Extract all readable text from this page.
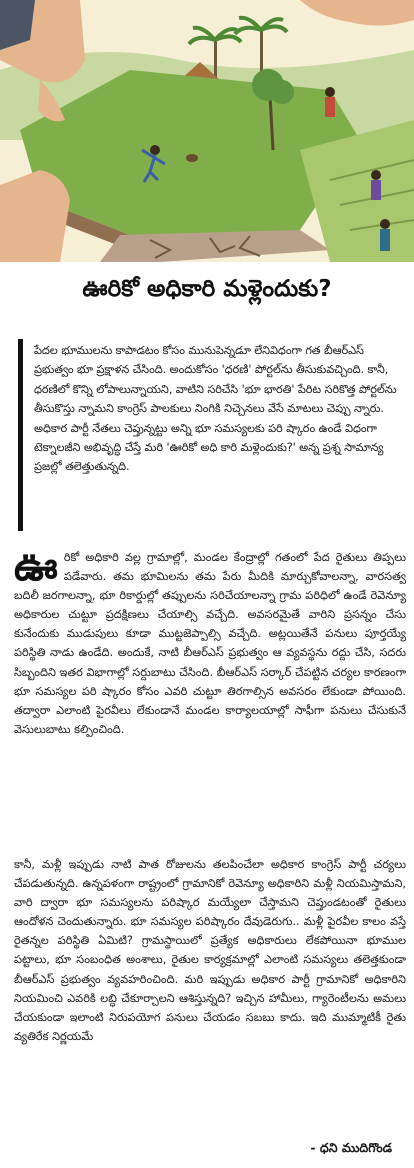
ఊరికో అధికారి మళ్లెందుకు?
పేదల భూములను కాపాడటం కోసం మునుపెన్నడూ లేనివిధంగా గత బీఆర్‌ఎస్‌ ప్రభుత్వం భూ ప్రక్షాళన చేసింది. అందుకోసం 'ధరణి' పోర్టల్‌ను తీసుకువచ్చింది. కానీ, ధరణిలో కొన్ని లోపాలున్నాయని, వాటిని సరిచేసి 'భూ భారతి' పేరిట సరికొత్త పోర్టల్‌ను తీసుకొస్తు న్నామని కాంగ్రెస్‌ పాలకులు నింగికి నిచ్చెనలు వేసే మాటలు చెప్పు న్నారు. అధికార పార్టీ నేతలు చెప్తున్నట్టు అన్ని భూ సమస్యలకు పరి ష్కారం ఉండే విధంగా టెక్నాలజీని అభివృద్ధి చేస్తే మరి 'ఊరికో అధి కారి మళ్లెందుకు?' అన్న ప్రశ్న సామాన్య ప్రజల్లో తలెత్తుతున్నది.
ఊరికో అధికారి వల్ల గ్రామాల్లో, మండల కేంద్రాల్లో గతంలో పేద రైతులు తిప్పలు పడేవారు. తమ భూమిలను తమ పేరు మీదికి మార్చుకోవాలన్నా, వారసత్వ బదిలీ జరగాలన్నా, భూ రికార్డుల్లో తప్పులను సరిచేయాలన్నా గ్రామ పరిధిలో ఉండే రెవెన్యూ అధికారుల చుట్టూ ప్రదక్షిణలు చేయాల్సి వచ్చేది. అవసరమైతే వారిని ప్రసన్నం చేసు కునేందుకు ముడుపులు కూడా ముట్టజెప్పాల్సి వచ్చేది. అట్లయితేనే పనులు పూర్తయ్యే పరిస్థితి నాడు ఉండేది. అందుకే, నాటి బీఆర్‌ఎస్‌ ప్రభుత్వం ఆ వ్యవస్థను రద్దు చేసి, సదరు సిబ్బందిని ఇతర విభాగాల్లో సర్దుబాటు చేసింది. బీఆర్‌ఎస్‌ సర్కార్‌ చేపట్టిన చర్యల కారణంగా భూ సమస్యల పరి ష్కారం కోసం ఎవరి చుట్టూ తిరగాల్సిన అవసరం లేకుండా పోయింది. తద్వారా ఎలాంటి పైరవీలు లేకుండానే మండల కార్యాలయాల్లో సాఫీగా పనులు చేసుకునే వెసులుబాటు కల్పించింది.
కానీ, మళ్లీ ఇప్పుడు నాటి పాత రోజులను తలపించేలా అధికార కాంగ్రెస్‌ పార్టీ చర్యలు చేపడుతున్నది. ఉన్నపళంగా రాష్ట్రంలో గ్రామానికో రెవెన్యూ అధికారిని మళ్లీ నియమిస్తామని, వారి ద్వారా భూ సమస్యలను పరిష్కార మయ్యేలా చేస్తామని చెప్తుండటంతో రైతులు ఆందోళన చెందుతున్నారు. భూ సమస్యల పరిష్కారం దేవుడెరుగు.. మళ్లీ పైరవీల కాలం వస్తే రైతన్నల పరిస్థితి ఏమిటి? గ్రామస్థాయిలో ప్రత్యేక అధికారులు లేకపోయినా భూముల పట్టాలు, భూ సంబంధిత అంశాలు, రైతుల కార్యక్రమాల్లో ఎలాంటి సమస్యలు తలెత్తకుండా బీఆర్‌ఎస్‌ ప్రభుత్వం వ్యవహరించింది. మరి ఇప్పుడు అధికార పార్టీ గ్రామానికో అధికారిని నియమించి ఎవరికి లబ్ధి చేకూర్చాలని ఆశిస్తున్నది? ఇచ్చిన హామీలు, గ్యారెంటీలను అమలు చేయకుండా ఇలాంటి నిరుపయోగ పనులు చేయడం సబబు కాదు. ఇది ముమ్మాటికీ రైతు వ్యతిరేక నిర్ణయమే
- ధని ముదిగొండ
